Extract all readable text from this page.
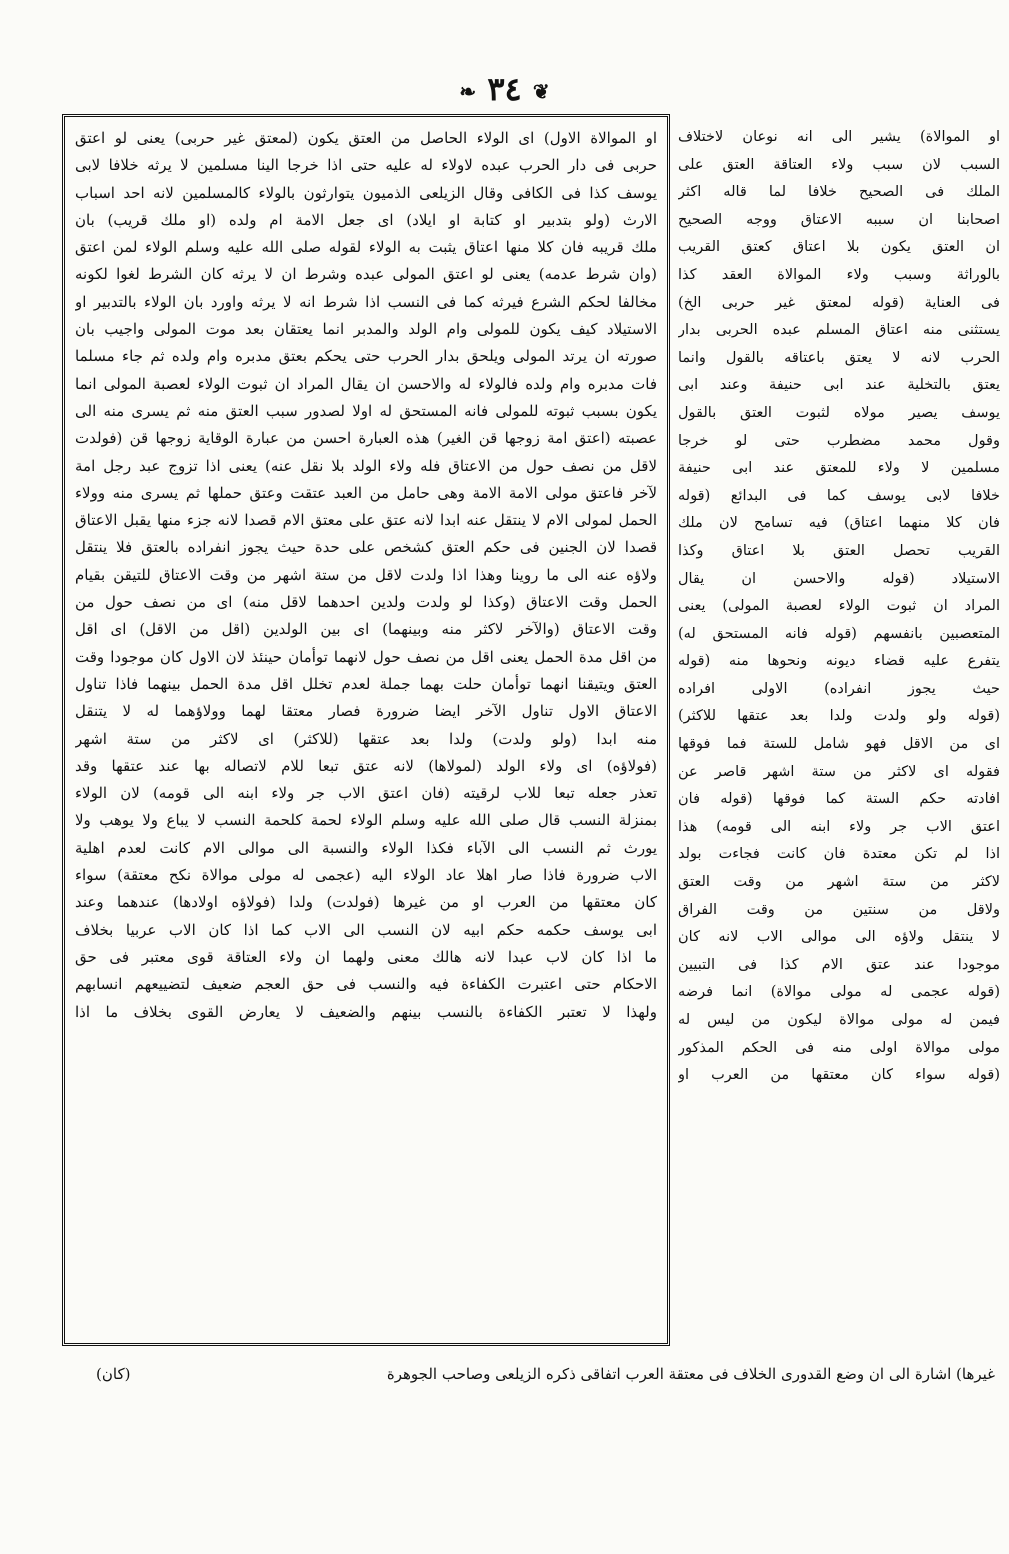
❦ ٣٤ ❧
او الموالاة الاول) اى الولاء الحاصل من العتق يكون (لمعتق غير حربى) يعنى لو اعتق
حربى فى دار الحرب عبده لاولاء له عليه حتى اذا خرجا الينا مسلمين لا يرثه خلافا لابى
يوسف كذا فى الكافى وقال الزيلعى الذميون يتوارثون بالولاء كالمسلمين لانه احد اسباب
الارث (ولو بتدبير او كتابة او ايلاد) اى جعل الامة ام ولده (او ملك قريب) بان
ملك قريبه فان كلا منها اعتاق يثبت به الولاء لقوله صلى الله عليه وسلم الولاء لمن اعتق
(وان شرط عدمه) يعنى لو اعتق المولى عبده وشرط ان لا يرثه كان الشرط لغوا لكونه
مخالفا لحكم الشرع فيرثه كما فى النسب اذا شرط انه لا يرثه واورد بان الولاء بالتدبير او
الاستيلاد كيف يكون للمولى وام الولد والمدبر انما يعتقان بعد موت المولى واجيب بان
صورته ان يرتد المولى ويلحق بدار الحرب حتى يحكم بعتق مدبره وام ولده ثم جاء مسلما
فات مدبره وام ولده فالولاء له والاحسن ان يقال المراد ان ثبوت الولاء لعصبة المولى انما
يكون بسبب ثبوته للمولى فانه المستحق له اولا لصدور سبب العتق منه ثم يسرى منه الى
عصبته (اعتق امة زوجها قن الغير) هذه العبارة احسن من عبارة الوقاية زوجها قن (فولدت
لاقل من نصف حول من الاعتاق فله ولاء الولد بلا نقل عنه) يعنى اذا تزوج عبد رجل امة
لآخر فاعتق مولى الامة الامة وهى حامل من العبد عتقت وعتق حملها ثم يسرى منه وولاء
الحمل لمولى الام لا ينتقل عنه ابدا لانه عتق على معتق الام قصدا لانه جزء منها يقبل الاعتاق
قصدا لان الجنين فى حكم العتق كشخص على حدة حيث يجوز انفراده بالعتق فلا ينتقل
ولاؤه عنه الى ما روينا وهذا اذا ولدت لاقل من ستة اشهر من وقت الاعتاق للتيقن بقيام
الحمل وقت الاعتاق (وكذا لو ولدت ولدين احدهما لاقل منه) اى من نصف حول من
وقت الاعتاق (والآخر لاكثر منه وبينهما) اى بين الولدين (اقل من الاقل) اى اقل
من اقل مدة الحمل يعنى اقل من نصف حول لانهما توأمان حينئذ لان الاول كان موجودا وقت
العتق ويتيقنا انهما توأمان حلت بهما جملة لعدم تخلل اقل مدة الحمل بينهما فاذا تناول
الاعتاق الاول تناول الآخر ايضا ضرورة فصار معتقا لهما وولاؤهما له لا يتنقل
منه ابدا (ولو ولدت) ولدا بعد عتقها (للاكثر) اى لاكثر من ستة اشهر
(فولاؤه) اى ولاء الولد (لمولاها) لانه عتق تبعا للام لاتصاله بها عند عتقها وقد
تعذر جعله تبعا للاب لرقيته (فان اعتق الاب جر ولاء ابنه الى قومه) لان الولاء
بمنزلة النسب قال صلى الله عليه وسلم الولاء لحمة كلحمة النسب لا يباع ولا يوهب ولا
يورث ثم النسب الى الآباء فكذا الولاء والنسبة الى موالى الام كانت لعدم اهلية
الاب ضرورة فاذا صار اهلا عاد الولاء اليه (عجمى له مولى موالاة نكح معتقة) سواء
كان معتقها من العرب او من غيرها (فولدت) ولدا (فولاؤه اولادها) عندهما وعند
ابى يوسف حكمه حكم ابيه لان النسب الى الاب كما اذا كان الاب عربيا بخلاف
ما اذا كان لاب عبدا لانه هالك معنى ولهما ان ولاء العتاقة قوى معتبر فى حق
الاحكام حتى اعتبرت الكفاءة فيه والنسب فى حق العجم ضعيف لتضييعهم انسابهم
ولهذا لا تعتبر الكفاءة بالنسب بينهم والضعيف لا يعارض القوى بخلاف ما اذا
او الموالاة) يشير الى انه نوعان لاختلاف
السبب لان سبب ولاء العتاقة العتق على
الملك فى الصحيح خلافا لما قاله اكثر
اصحابنا ان سببه الاعتاق ووجه الصحيح
ان العتق يكون بلا اعتاق كعتق القريب
بالوراثة وسبب ولاء الموالاة العقد كذا
فى العناية (قوله لمعتق غير حربى الخ)
يستثنى منه اعتاق المسلم عبده الحربى بدار
الحرب لانه لا يعتق باعتاقه بالقول وانما
يعتق بالتخلية عند ابى حنيفة وعند ابى
يوسف يصير مولاه لثبوت العتق بالقول
وقول محمد مضطرب حتى لو خرجا
مسلمين لا ولاء للمعتق عند ابى حنيفة
خلافا لابى يوسف كما فى البدائع (قوله
فان كلا منهما اعتاق) فيه تسامح لان ملك
القريب تحصل العتق بلا اعتاق وكذا
الاستيلاد (قوله والاحسن ان يقال
المراد ان ثبوت الولاء لعصبة المولى) يعنى
المتعصبين بانفسهم (قوله فانه المستحق له)
يتفرع عليه قضاء ديونه ونحوها منه (قوله
حيث يجوز انفراده) الاولى افراده
(قوله ولو ولدت ولدا بعد عتقها للاكثر)
اى من الاقل فهو شامل للستة فما فوقها
فقوله اى لاكثر من ستة اشهر قاصر عن
افادته حكم الستة كما فوقها (قوله فان
اعتق الاب جر ولاء ابنه الى قومه) هذا
اذا لم تكن معتدة فان كانت فجاءت بولد
لاكثر من ستة اشهر من وقت العتق
ولاقل من سنتين من وقت الفراق
لا ينتقل ولاؤه الى موالى الاب لانه كان
موجودا عند عتق الام كذا فى التبيين
(قوله عجمى له مولى موالاة) انما فرضه
فيمن له مولى موالاة ليكون من ليس له
مولى موالاة اولى منه فى الحكم المذكور
(قوله سواء كان معتقها من العرب او
غيرها) اشارة الى ان وضع القدورى الخلاف فى معتقة العرب اتفاقى ذكره الزيلعى وصاحب الجوهرة
(كان)
